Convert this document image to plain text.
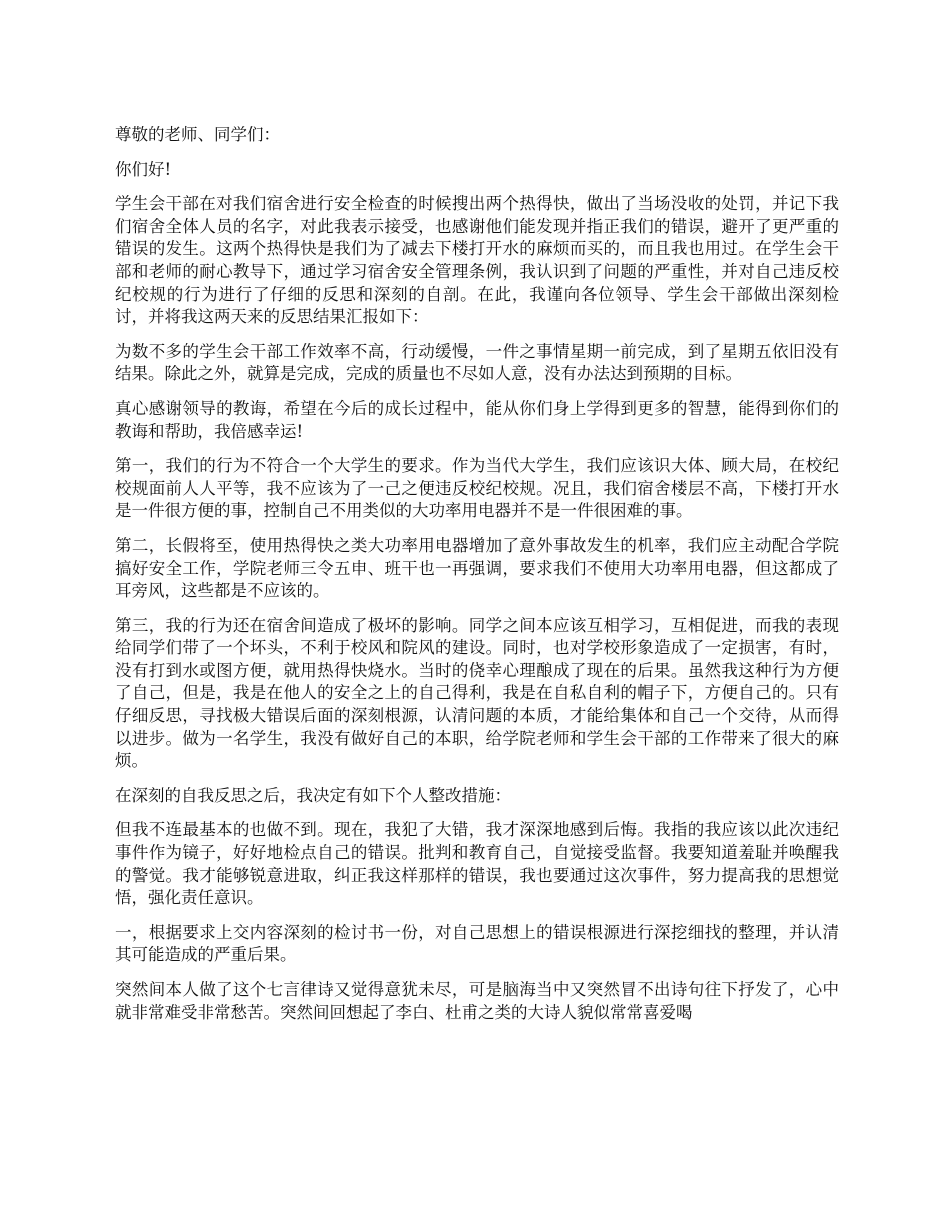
尊敬的老师、同学们：

你们好!

学生会干部在对我们宿舍进行安全检查的时候搜出两个热得快，做出了当场没收的处罚，并记下我们宿舍全体人员的名字，对此我表示接受，也感谢他们能发现并指正我们的错误，避开了更严重的错误的发生。这两个热得快是我们为了减去下楼打开水的麻烦而买的，而且我也用过。在学生会干部和老师的耐心教导下，通过学习宿舍安全管理条例，我认识到了问题的严重性，并对自己违反校纪校规的行为进行了仔细的反思和深刻的自剖。在此，我谨向各位领导、学生会干部做出深刻检讨，并将我这两天来的反思结果汇报如下：

为数不多的学生会干部工作效率不高，行动缓慢，一件之事情星期一前完成，到了星期五依旧没有结果。除此之外，就算是完成，完成的质量也不尽如人意，没有办法达到预期的目标。

真心感谢领导的教诲，希望在今后的成长过程中，能从你们身上学得到更多的智慧，能得到你们的教诲和帮助，我倍感幸运!

第一，我们的行为不符合一个大学生的要求。作为当代大学生，我们应该识大体、顾大局，在校纪校规面前人人平等，我不应该为了一己之便违反校纪校规。况且，我们宿舍楼层不高，下楼打开水是一件很方便的事，控制自己不用类似的大功率用电器并不是一件很困难的事。

第二，长假将至，使用热得快之类大功率用电器增加了意外事故发生的机率，我们应主动配合学院搞好安全工作，学院老师三令五申、班干也一再强调，要求我们不使用大功率用电器，但这都成了耳旁风，这些都是不应该的。

第三，我的行为还在宿舍间造成了极坏的影响。同学之间本应该互相学习，互相促进，而我的表现给同学们带了一个坏头，不利于校风和院风的建设。同时，也对学校形象造成了一定损害，有时，没有打到水或图方便，就用热得快烧水。当时的侥幸心理酿成了现在的后果。虽然我这种行为方便了自己，但是，我是在他人的安全之上的自己得利，我是在自私自利的帽子下，方便自己的。只有仔细反思，寻找极大错误后面的深刻根源，认清问题的本质，才能给集体和自己一个交待，从而得以进步。做为一名学生，我没有做好自己的本职，给学院老师和学生会干部的工作带来了很大的麻烦。

在深刻的自我反思之后，我决定有如下个人整改措施：

但我不连最基本的也做不到。现在，我犯了大错，我才深深地感到后悔。我指的我应该以此次违纪事件作为镜子，好好地检点自己的错误。批判和教育自己，自觉接受监督。我要知道羞耻并唤醒我的警觉。我才能够锐意进取，纠正我这样那样的错误，我也要通过这次事件，努力提高我的思想觉悟，强化责任意识。

一，根据要求上交内容深刻的检讨书一份，对自己思想上的错误根源进行深挖细找的整理，并认清其可能造成的严重后果。

突然间本人做了这个七言律诗又觉得意犹未尽，可是脑海当中又突然冒不出诗句往下抒发了，心中就非常难受非常愁苦。突然间回想起了李白、杜甫之类的大诗人貌似常常喜爱喝
